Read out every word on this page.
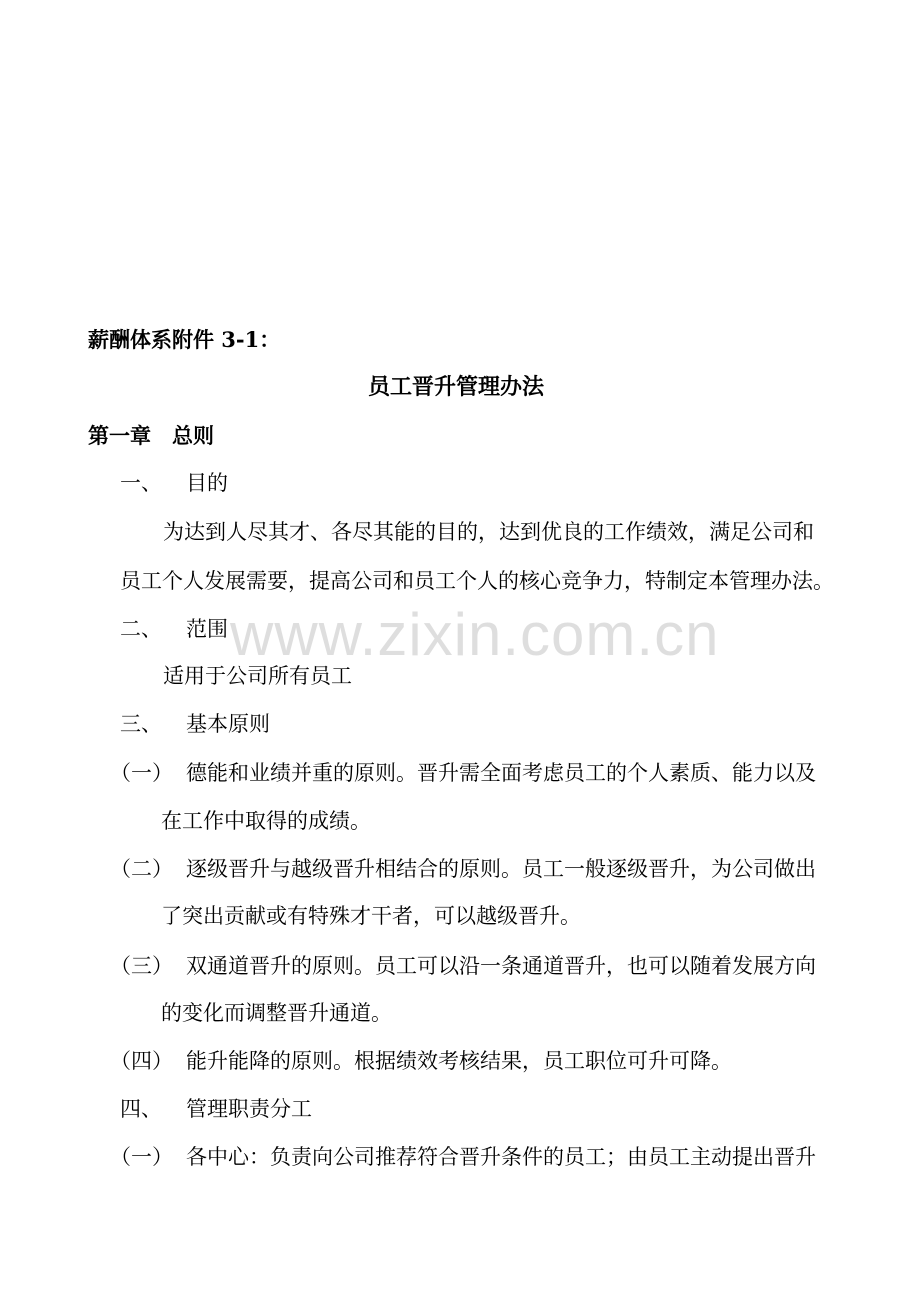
薪酬体系附件 3-1：
员工晋升管理办法
第一章　总则
一、 目的
为达到人尽其才、各尽其能的目的，达到优良的工作绩效，满足公司和
员工个人发展需要，提高公司和员工个人的核心竞争力，特制定本管理办法。
二、 范围
适用于公司所有员工
三、 基本原则
（一） 德能和业绩并重的原则。晋升需全面考虑员工的个人素质、能力以及
在工作中取得的成绩。
（二） 逐级晋升与越级晋升相结合的原则。员工一般逐级晋升，为公司做出
了突出贡献或有特殊才干者，可以越级晋升。
（三） 双通道晋升的原则。员工可以沿一条通道晋升，也可以随着发展方向
的变化而调整晋升通道。
（四） 能升能降的原则。根据绩效考核结果，员工职位可升可降。
四、 管理职责分工
（一） 各中心：负责向公司推荐符合晋升条件的员工；由员工主动提出晋升
www.zixin.com.cn
